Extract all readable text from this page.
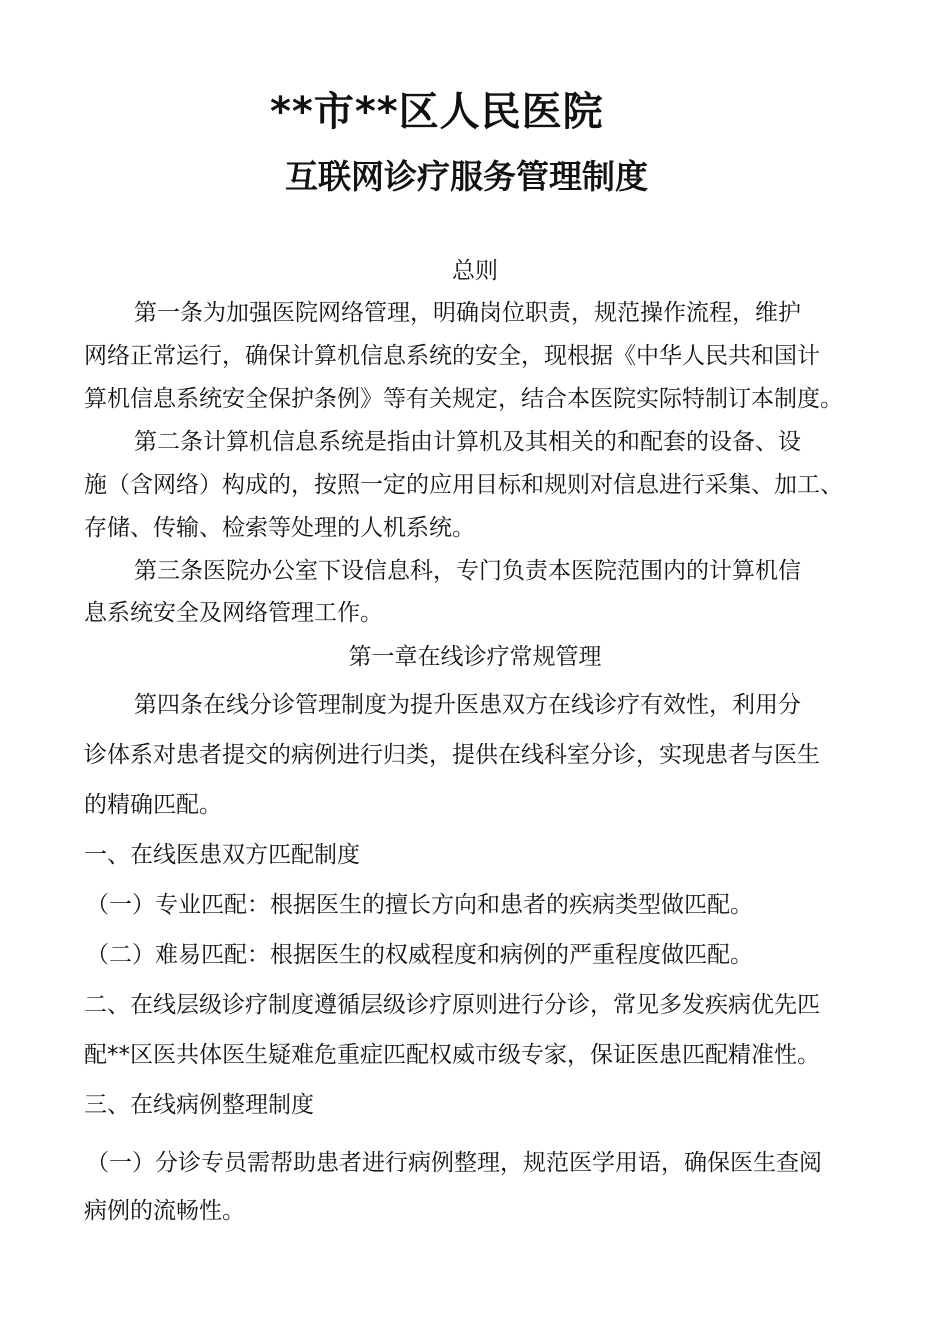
**市**区人民医院
互联网诊疗服务管理制度
总则
第一条为加强医院网络管理，明确岗位职责，规范操作流程，维护
网络正常运行，确保计算机信息系统的安全，现根据《中华人民共和国计
算机信息系统安全保护条例》等有关规定，结合本医院实际特制订本制度。
第二条计算机信息系统是指由计算机及其相关的和配套的设备、设
施（含网络）构成的，按照一定的应用目标和规则对信息进行采集、加工、
存储、传输、检索等处理的人机系统。
第三条医院办公室下设信息科，专门负责本医院范围内的计算机信
息系统安全及网络管理工作。
第一章在线诊疗常规管理
第四条在线分诊管理制度为提升医患双方在线诊疗有效性，利用分
诊体系对患者提交的病例进行归类，提供在线科室分诊，实现患者与医生
的精确匹配。
一、在线医患双方匹配制度
（一）专业匹配：根据医生的擅长方向和患者的疾病类型做匹配。
（二）难易匹配：根据医生的权威程度和病例的严重程度做匹配。
二、在线层级诊疗制度遵循层级诊疗原则进行分诊，常见多发疾病优先匹
配**区医共体医生疑难危重症匹配权威市级专家，保证医患匹配精准性。
三、在线病例整理制度
（一）分诊专员需帮助患者进行病例整理，规范医学用语，确保医生查阅
病例的流畅性。
